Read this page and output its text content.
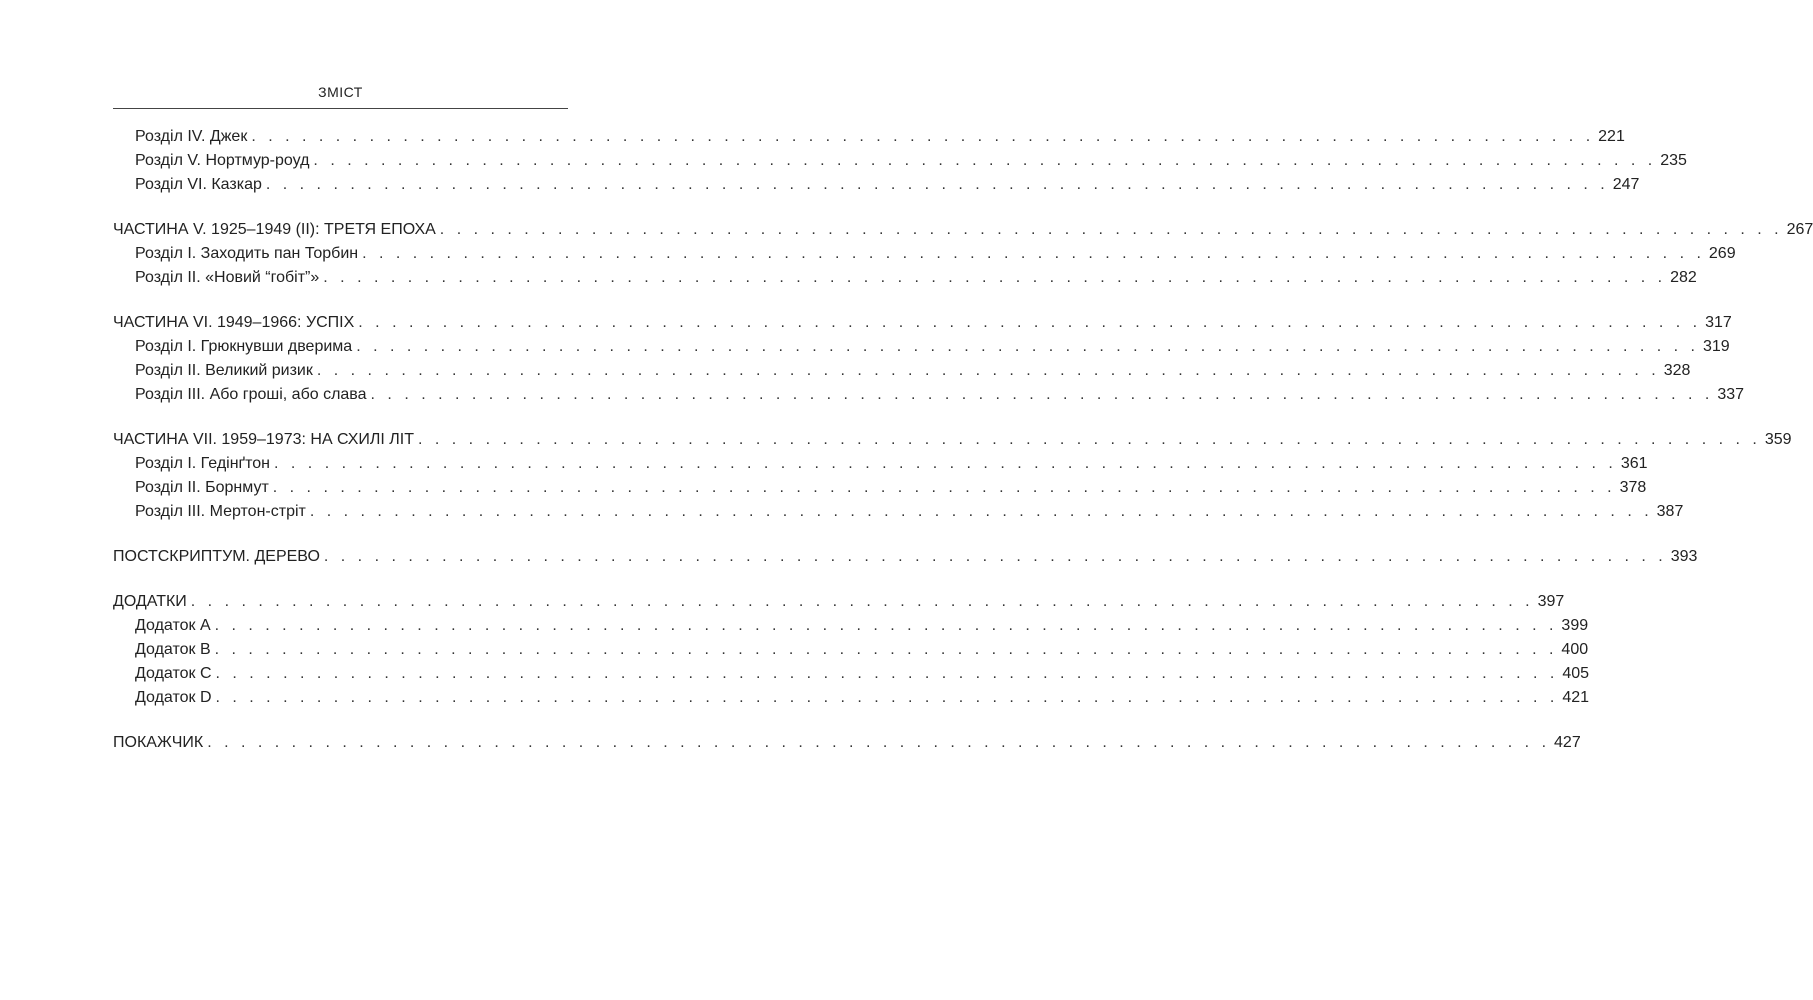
ЗМІСТ
Розділ IV. Джек . . . . . . . . . . . . . . . . . . . . . . . . . . . . . . . . . . . . . . . . . . . . . . . . . . . . . . . . . . . . . . . . . . . . . . . . . . . . . . . . 221
Розділ V. Нортмур-роуд . . . . . . . . . . . . . . . . . . . . . . . . . . . . . . . . . . . . . . . . . . . . . . . . . . . . . . . . . . . . . . . . . . . . . . . . . . . . . . . . 235
Розділ VI. Казкар . . . . . . . . . . . . . . . . . . . . . . . . . . . . . . . . . . . . . . . . . . . . . . . . . . . . . . . . . . . . . . . . . . . . . . . . . . . . . . . . 247
ЧАСТИНА V. 1925–1949 (II): ТРЕТЯ ЕПОХА . . . . . . . . . . . . . . . . . . . . . . . . . . . . . . . . . . . . . . . . . . . . . . . . . . . . . . . . . . . . . . . . . . . . . . . . . . . . . . . . 267
Розділ I. Заходить пан Торбин . . . . . . . . . . . . . . . . . . . . . . . . . . . . . . . . . . . . . . . . . . . . . . . . . . . . . . . . . . . . . . . . . . . . . . . . . . . . . . . . 269
Розділ II. «Новий “гобіт”» . . . . . . . . . . . . . . . . . . . . . . . . . . . . . . . . . . . . . . . . . . . . . . . . . . . . . . . . . . . . . . . . . . . . . . . . . . . . . . . . 282
ЧАСТИНА VI. 1949–1966: УСПІХ . . . . . . . . . . . . . . . . . . . . . . . . . . . . . . . . . . . . . . . . . . . . . . . . . . . . . . . . . . . . . . . . . . . . . . . . . . . . . . . . 317
Розділ I. Грюкнувши дверима . . . . . . . . . . . . . . . . . . . . . . . . . . . . . . . . . . . . . . . . . . . . . . . . . . . . . . . . . . . . . . . . . . . . . . . . . . . . . . . . 319
Розділ II. Великий ризик . . . . . . . . . . . . . . . . . . . . . . . . . . . . . . . . . . . . . . . . . . . . . . . . . . . . . . . . . . . . . . . . . . . . . . . . . . . . . . . . 328
Розділ III. Або гроші, або слава . . . . . . . . . . . . . . . . . . . . . . . . . . . . . . . . . . . . . . . . . . . . . . . . . . . . . . . . . . . . . . . . . . . . . . . . . . . . . . . . 337
ЧАСТИНА VII. 1959–1973: НА СХИЛІ ЛІТ . . . . . . . . . . . . . . . . . . . . . . . . . . . . . . . . . . . . . . . . . . . . . . . . . . . . . . . . . . . . . . . . . . . . . . . . . . . . . . . . 359
Розділ I. Гедінґтон . . . . . . . . . . . . . . . . . . . . . . . . . . . . . . . . . . . . . . . . . . . . . . . . . . . . . . . . . . . . . . . . . . . . . . . . . . . . . . . . 361
Розділ II. Борнмут . . . . . . . . . . . . . . . . . . . . . . . . . . . . . . . . . . . . . . . . . . . . . . . . . . . . . . . . . . . . . . . . . . . . . . . . . . . . . . . . 378
Розділ III. Мертон-стріт . . . . . . . . . . . . . . . . . . . . . . . . . . . . . . . . . . . . . . . . . . . . . . . . . . . . . . . . . . . . . . . . . . . . . . . . . . . . . . . . 387
ПОСТСКРИПТУМ. ДЕРЕВО . . . . . . . . . . . . . . . . . . . . . . . . . . . . . . . . . . . . . . . . . . . . . . . . . . . . . . . . . . . . . . . . . . . . . . . . . . . . . . . . 393
ДОДАТКИ . . . . . . . . . . . . . . . . . . . . . . . . . . . . . . . . . . . . . . . . . . . . . . . . . . . . . . . . . . . . . . . . . . . . . . . . . . . . . . . . 397
Додаток A . . . . . . . . . . . . . . . . . . . . . . . . . . . . . . . . . . . . . . . . . . . . . . . . . . . . . . . . . . . . . . . . . . . . . . . . . . . . . . . . 399
Додаток B . . . . . . . . . . . . . . . . . . . . . . . . . . . . . . . . . . . . . . . . . . . . . . . . . . . . . . . . . . . . . . . . . . . . . . . . . . . . . . . . 400
Додаток C . . . . . . . . . . . . . . . . . . . . . . . . . . . . . . . . . . . . . . . . . . . . . . . . . . . . . . . . . . . . . . . . . . . . . . . . . . . . . . . . 405
Додаток D . . . . . . . . . . . . . . . . . . . . . . . . . . . . . . . . . . . . . . . . . . . . . . . . . . . . . . . . . . . . . . . . . . . . . . . . . . . . . . . . 421
ПОКАЖЧИК . . . . . . . . . . . . . . . . . . . . . . . . . . . . . . . . . . . . . . . . . . . . . . . . . . . . . . . . . . . . . . . . . . . . . . . . . . . . . . . . 427
